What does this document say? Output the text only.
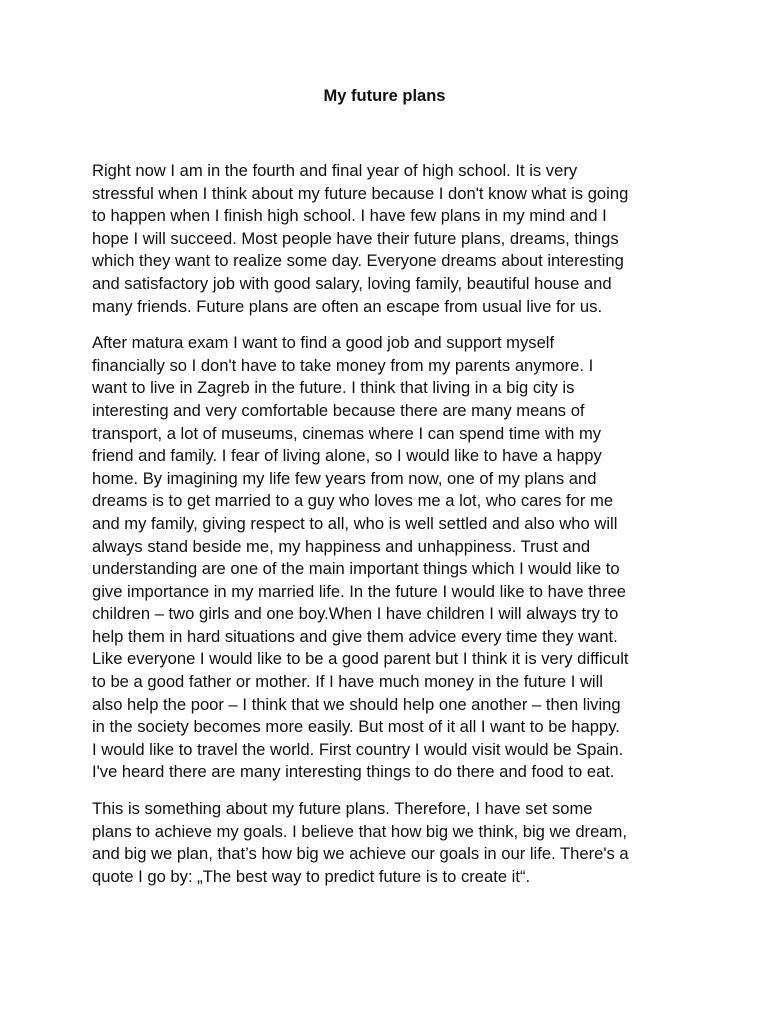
My future plans

Right now I am in the fourth and final year of high school. It is very
stressful when I think about my future because I don't know what is going
to happen when I finish high school. I have few plans in my mind and I
hope I will succeed. Most people have their future plans, dreams, things
which they want to realize some day. Everyone dreams about interesting
and satisfactory job with good salary, loving family, beautiful house and
many friends. Future plans are often an escape from usual live for us.

After matura exam I want to find a good job and support myself
financially so I don't have to take money from my parents anymore. I
want to live in Zagreb in the future. I think that living in a big city is
interesting and very comfortable because there are many means of
transport, a lot of museums, cinemas where I can spend time with my
friend and family. I fear of living alone, so I would like to have a happy
home. By imagining my life few years from now, one of my plans and
dreams is to get married to a guy who loves me a lot, who cares for me
and my family, giving respect to all, who is well settled and also who will
always stand beside me, my happiness and unhappiness. Trust and
understanding are one of the main important things which I would like to
give importance in my married life. In the future I would like to have three
children – two girls and one boy.When I have children I will always try to
help them in hard situations and give them advice every time they want.
Like everyone I would like to be a good parent but I think it is very difficult
to be a good father or mother. If I have much money in the future I will
also help the poor – I think that we should help one another – then living
in the society becomes more easily. But most of it all I want to be happy.
I would like to travel the world. First country I would visit would be Spain.
I've heard there are many interesting things to do there and food to eat.

This is something about my future plans. Therefore, I have set some
plans to achieve my goals. I believe that how big we think, big we dream,
and big we plan, that’s how big we achieve our goals in our life. There's a
quote I go by: „The best way to predict future is to create it“.
